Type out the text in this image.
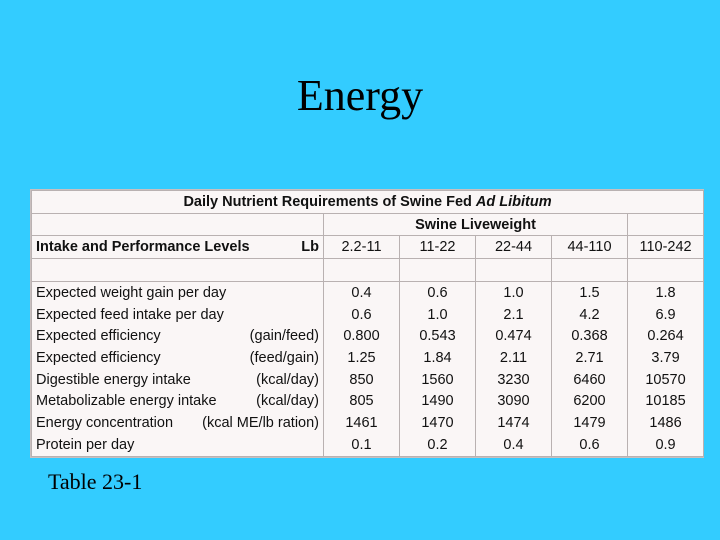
Energy
Daily Nutrient Requirements of Swine Fed Ad Libitum					
	Swine Liveweight				

Intake and Performance Levels Lb	2.2-11	11-22	22-44	44-110	110-242

Expected weight gain per day	0.4	0.6	1.0	1.5	1.8

Expected feed intake per day	0.6	1.0	2.1	4.2	6.9

Expected efficiency (gain/feed)	0.800	0.543	0.474	0.368	0.264

Expected efficiency (feed/gain)	1.25	1.84	2.11	2.71	3.79

Digestible energy intake (kcal/day)	850	1560	3230	6460	10570

Metabolizable energy intake (kcal/day)	805	1490	3090	6200	10185

Energy concentration (kcal ME/lb ration)	1461	1470	1474	1479	1486

Protein per day	0.1	0.2	0.4	0.6	0.9
Table 23-1
